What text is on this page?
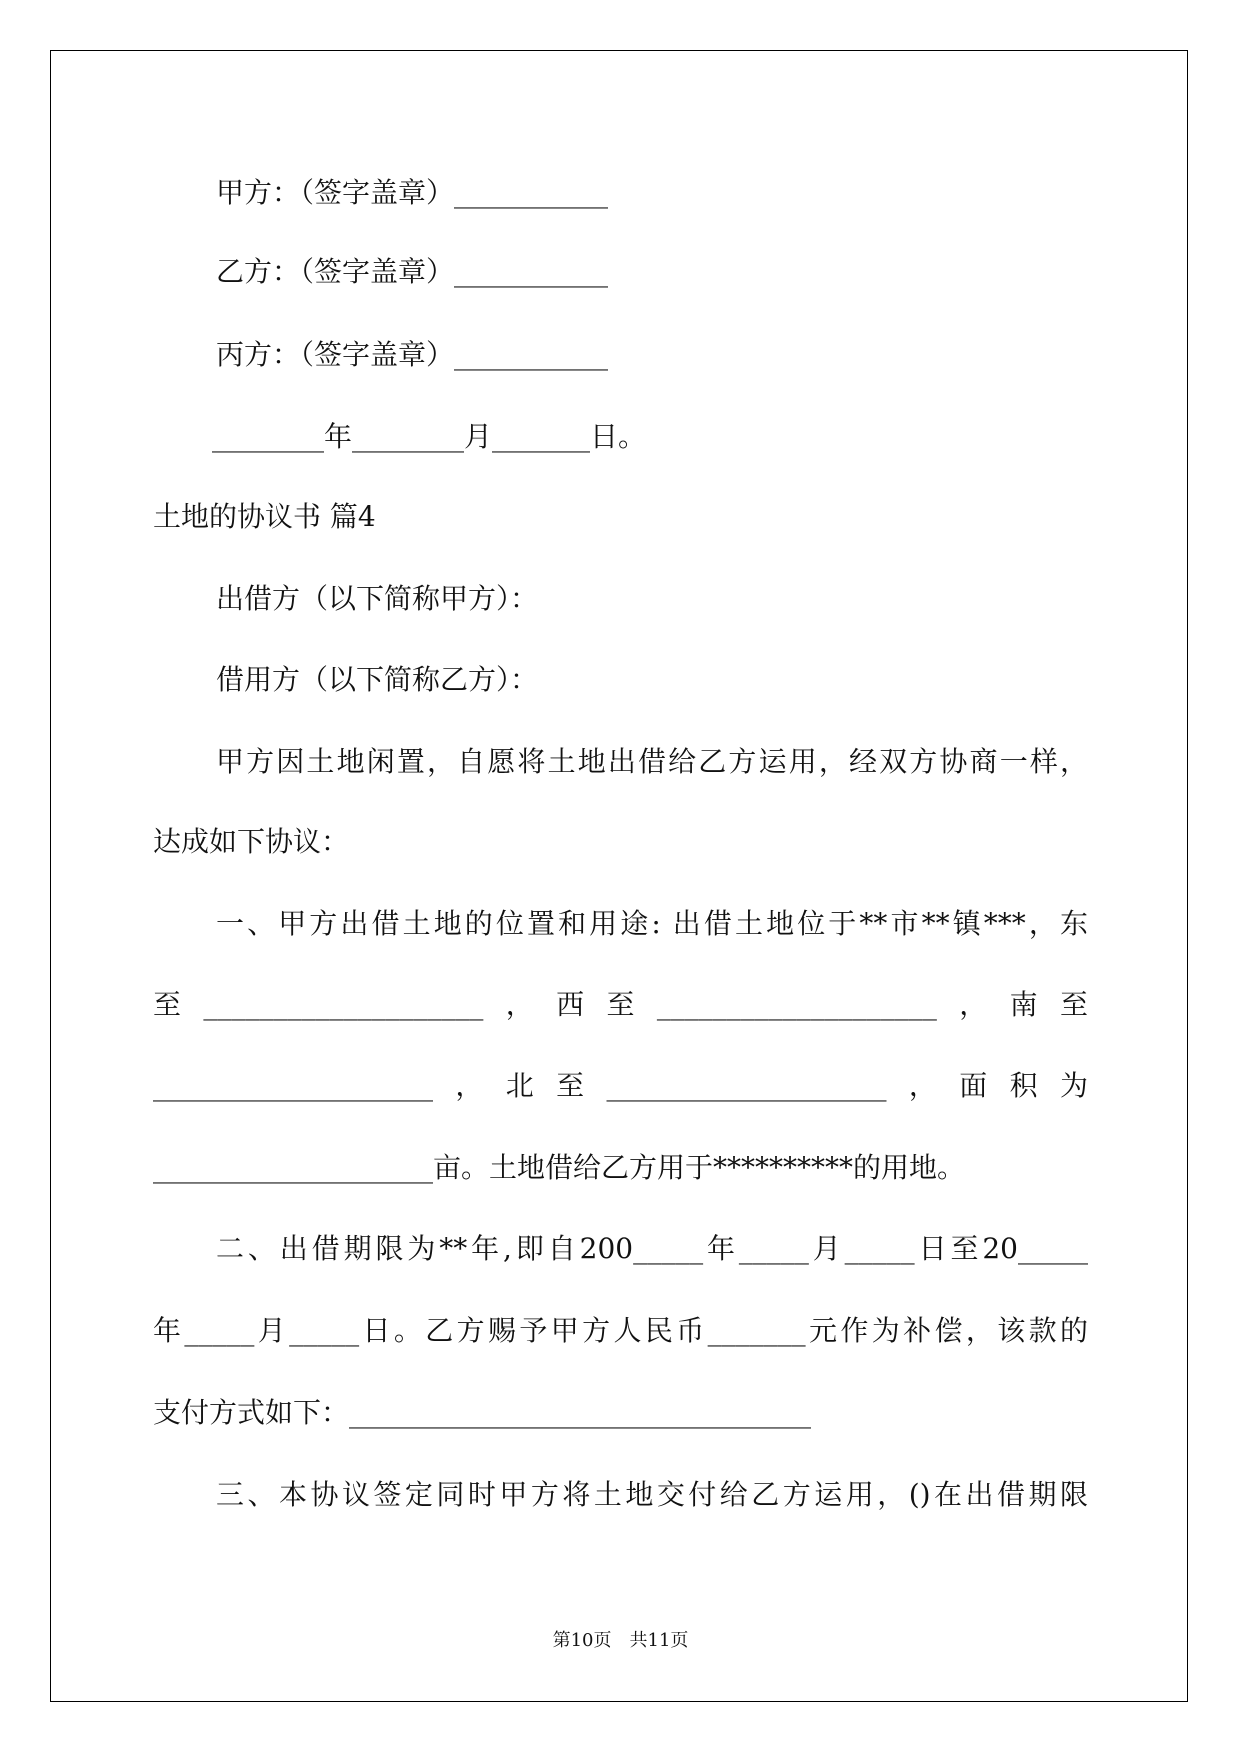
甲方：（签字盖章）___________
乙方：（签字盖章）___________
丙方：（签字盖章）___________
________年________月_______日。
土地的协议书 篇4
出借方（以下简称甲方）：
借用方（以下简称乙方）：
甲方因土地闲置，自愿将土地出借给乙方运用，经双方协商一样，
达成如下协议：
一、甲方出借土地的位置和用途: 出借土地位于**市**镇***，东
至____________________，西至____________________，南至
____________________，北至____________________，面积为
____________________亩。土地借给乙方用于**********的用地。
二、出借期限为**年,即自200_____年_____月_____日至20_____
年_____月_____日。乙方赐予甲方人民币_______元作为补偿，该款的
支付方式如下：_________________________________
三、本协议签定同时甲方将土地交付给乙方运用，()在出借期限
第10页　共11页
